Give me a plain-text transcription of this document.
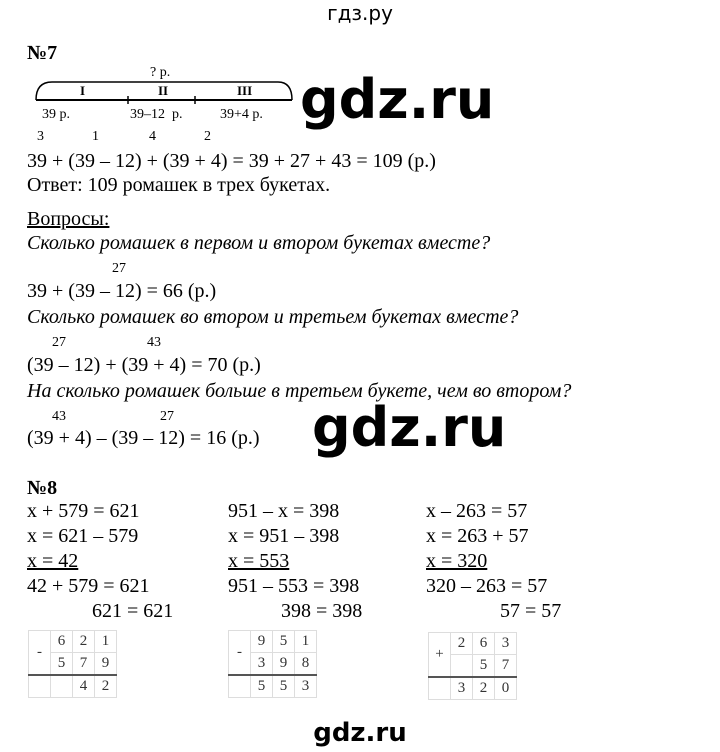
гдз.ру
№7
? р.
I	II	III
39 р.	39–12  р.	39+4 р.
3	1	4	2
39 + (39 – 12) + (39 + 4) = 39 + 27 + 43 = 109 (р.)
Ответ: 109 ромашек в трех букетах.
Вопросы:
Сколько ромашек в первом и втором букетах вместе?
27
39 + (39 – 12) = 66 (р.)
Сколько ромашек во втором и третьем букетах вместе?
27	43
(39 – 12) + (39 + 4) = 70 (р.)
На сколько ромашек больше в третьем букете, чем во втором?
43	27
(39 + 4) – (39 – 12) = 16 (р.)
gdz.ru
gdz.ru
№8
x + 579 = 621
x = 621 – 579
x = 42
42 + 579 = 621
621 = 621
951 – x = 398
x = 951 – 398
x = 553
951 – 553 = 398
398 = 398
x – 263 = 57
x = 263 + 57
x = 320
320 – 263 = 57
57 = 57
-	6	2	1
	5	7	9
		4	2
-	9	5	1
	3	9	8
	5	5	3
+	2	6	3
		5	7
	3	2	0
gdz.ru
